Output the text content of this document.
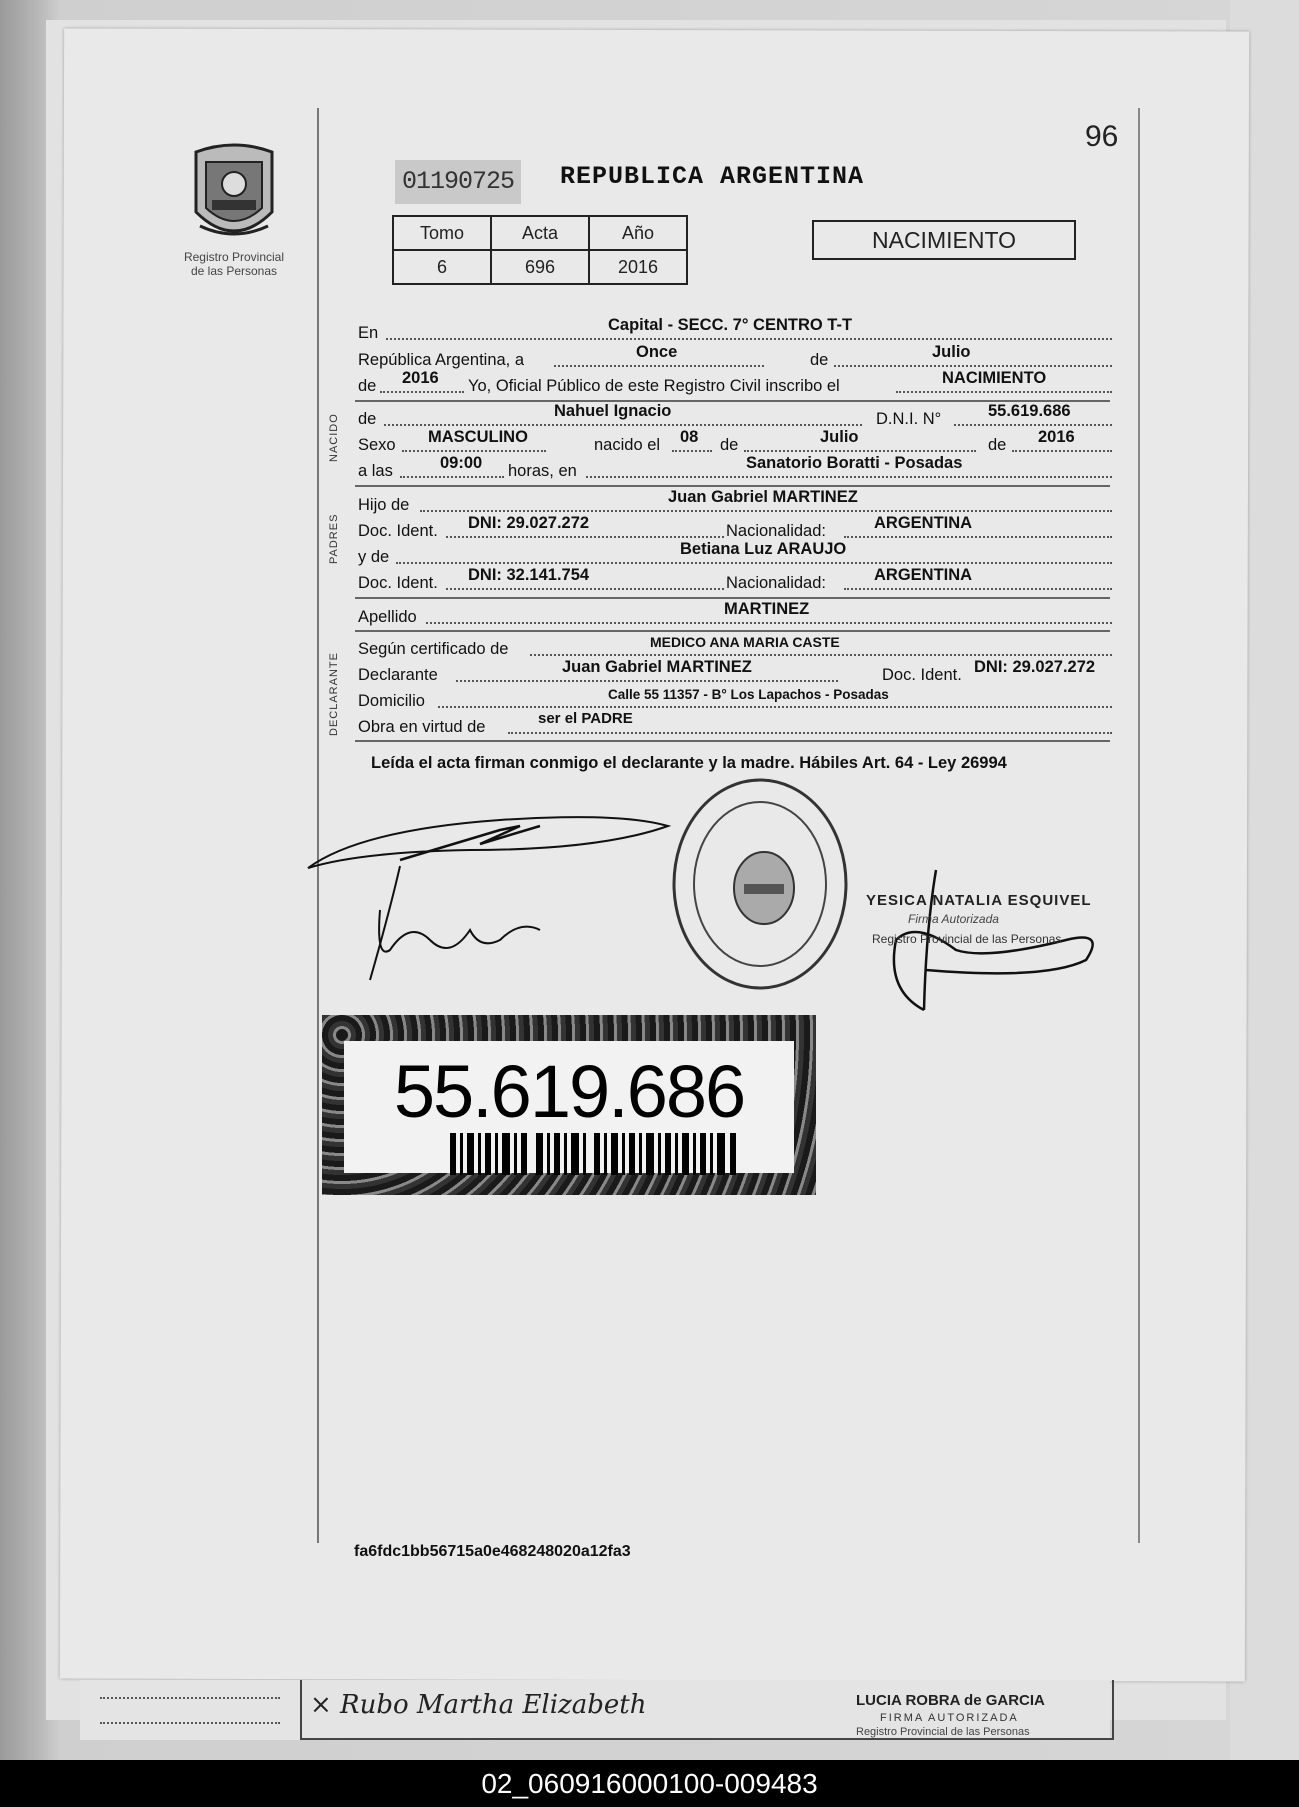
96
Registro Provincial
de las Personas
01190725 REPUBLICA ARGENTINA
Tomo	Acta	Año
6	696	2016
NACIMIENTO
En	Capital - SECC. 7° CENTRO T-T
República Argentina, a	Once	de	Julio
de 2016 Yo, Oficial Público de este Registro Civil inscribo el	NACIMIENTO
NACIDO de	Nahuel Ignacio	D.N.I. N°	55.619.686
Sexo MASCULINO	nacido el 08 de	Julio	de 2016
a las	09:00 horas, en	Sanatorio Boratti - Posadas
PADRES
Hijo de	Juan Gabriel MARTINEZ
Doc. Ident. DNI: 29.027.272	Nacionalidad:	ARGENTINA
y de	Betiana Luz ARAUJO
Doc. Ident. DNI: 32.141.754	Nacionalidad:	ARGENTINA
Apellido	MARTINEZ
DECLARANTE
Según certificado de	MEDICO ANA MARIA CASTE
Declarante	Juan Gabriel MARTINEZ	Doc. Ident. DNI: 29.027.272
Domicilio	Calle 55 11357 - B° Los Lapachos - Posadas
Obra en virtud de	ser el PADRE
Leída el acta firman conmigo el declarante y la madre. Hábiles Art. 64 - Ley 26994
YESICA NATALIA ESQUIVEL
Firma Autorizada
Registro Provincial de las Personas
55.619.686
fa6fdc1bb56715a0e468248020a12fa3
× Rubo Martha Elizabeth	LUCIA ROBRA de GARCIA
FIRMA AUTORIZADA
Registro Provincial de las Personas
02_060916000100-009483
